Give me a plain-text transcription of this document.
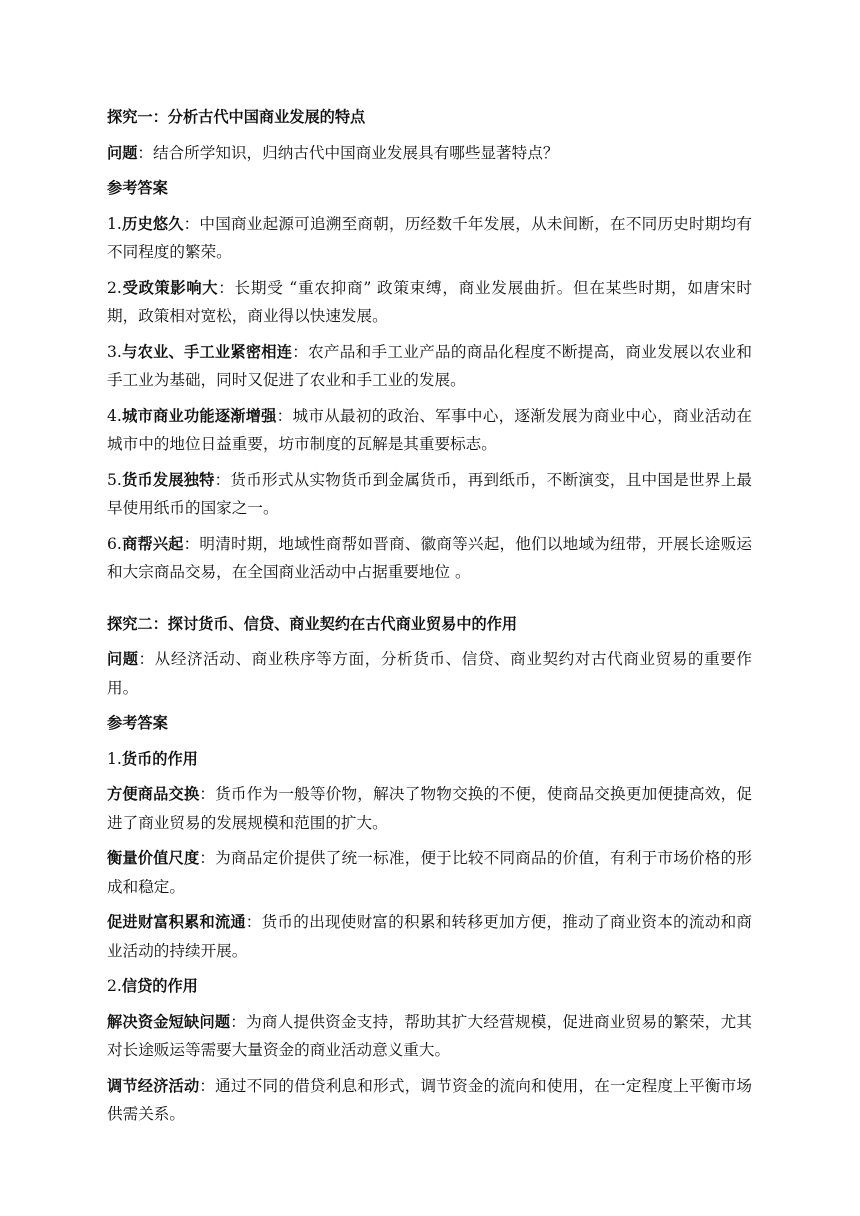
探究一：分析古代中国商业发展的特点

问题：结合所学知识，归纳古代中国商业发展具有哪些显著特点？

参考答案

1.历史悠久：中国商业起源可追溯至商朝，历经数千年发展，从未间断，在不同历史时期均有不同程度的繁荣。

2.受政策影响大：长期受 “重农抑商” 政策束缚，商业发展曲折。但在某些时期，如唐宋时期，政策相对宽松，商业得以快速发展。

3.与农业、手工业紧密相连：农产品和手工业产品的商品化程度不断提高，商业发展以农业和手工业为基础，同时又促进了农业和手工业的发展。

4.城市商业功能逐渐增强：城市从最初的政治、军事中心，逐渐发展为商业中心，商业活动在城市中的地位日益重要，坊市制度的瓦解是其重要标志。

5.货币发展独特：货币形式从实物货币到金属货币，再到纸币，不断演变，且中国是世界上最早使用纸币的国家之一。

6.商帮兴起：明清时期，地域性商帮如晋商、徽商等兴起，他们以地域为纽带，开展长途贩运和大宗商品交易，在全国商业活动中占据重要地位 。

探究二：探讨货币、信贷、商业契约在古代商业贸易中的作用

问题：从经济活动、商业秩序等方面，分析货币、信贷、商业契约对古代商业贸易的重要作用。

参考答案

1.货币的作用

方便商品交换：货币作为一般等价物，解决了物物交换的不便，使商品交换更加便捷高效，促进了商业贸易的发展规模和范围的扩大。

衡量价值尺度：为商品定价提供了统一标准，便于比较不同商品的价值，有利于市场价格的形成和稳定。

促进财富积累和流通：货币的出现使财富的积累和转移更加方便，推动了商业资本的流动和商业活动的持续开展。

2.信贷的作用

解决资金短缺问题：为商人提供资金支持，帮助其扩大经营规模，促进商业贸易的繁荣，尤其对长途贩运等需要大量资金的商业活动意义重大。

调节经济活动：通过不同的借贷利息和形式，调节资金的流向和使用，在一定程度上平衡市场供需关系。
